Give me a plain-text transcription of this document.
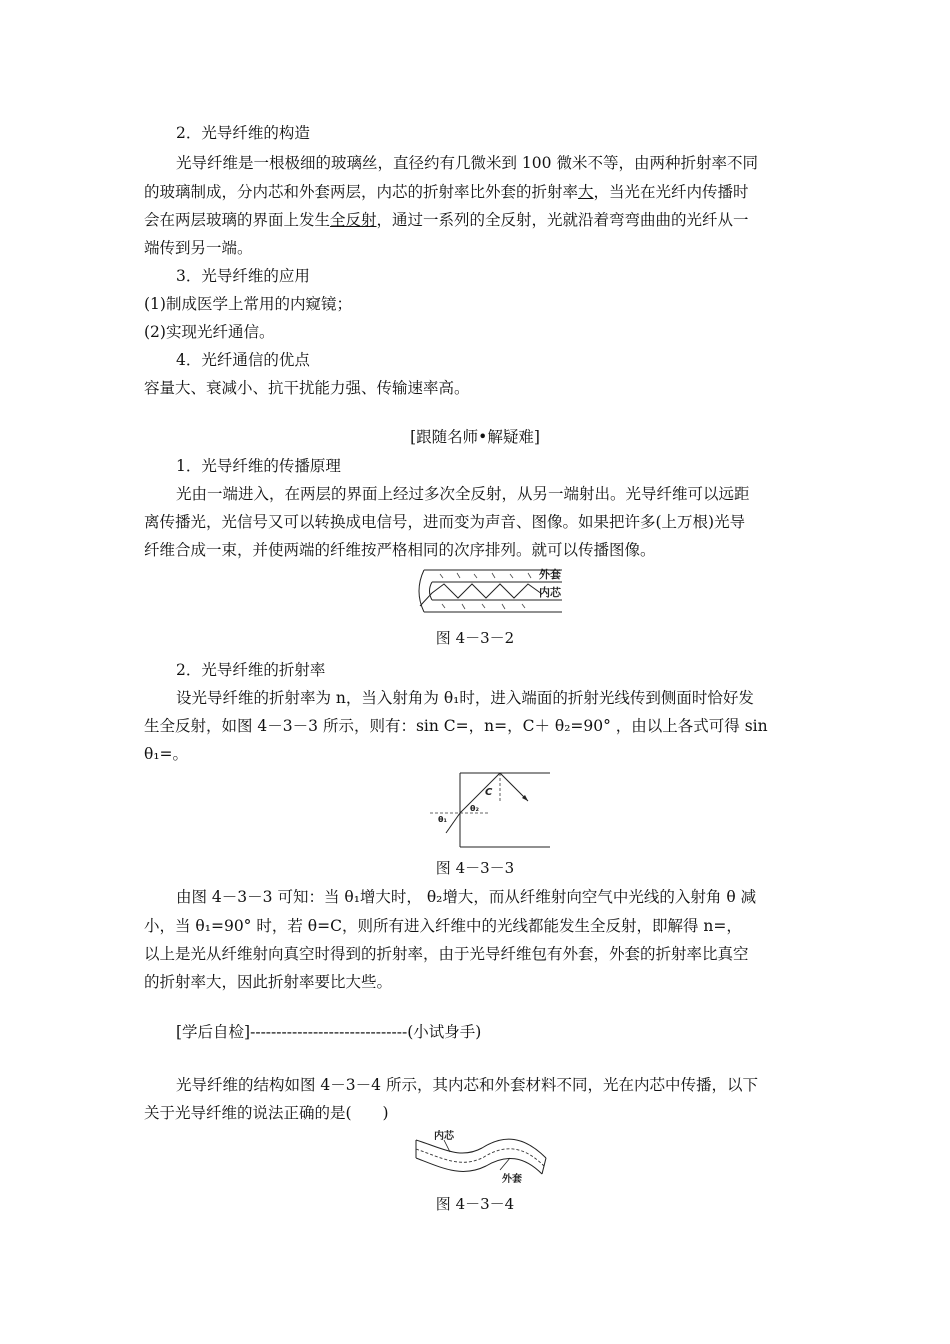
2．光导纤维的构造
光导纤维是一根极细的玻璃丝，直径约有几微米到 100 微米不等，由两种折射率不同
的玻璃制成，分内芯和外套两层，内芯的折射率比外套的折射率大，当光在光纤内传播时
会在两层玻璃的界面上发生全反射，通过一系列的全反射，光就沿着弯弯曲曲的光纤从一
端传到另一端。
3．光导纤维的应用
(1)制成医学上常用的内窥镜；
(2)实现光纤通信。
4．光纤通信的优点
容量大、衰减小、抗干扰能力强、传输速率高。
[跟随名师•解疑难]
1．光导纤维的传播原理
光由一端进入，在两层的界面上经过多次全反射，从另一端射出。光导纤维可以远距
离传播光，光信号又可以转换成电信号，进而变为声音、图像。如果把许多(上万根)光导
纤维合成一束，并使两端的纤维按严格相同的次序排列。就可以传播图像。
外套
内芯
图 4－3－2
2．光导纤维的折射率
设光导纤维的折射率为 n，当入射角为 θ₁时，进入端面的折射光线传到侧面时恰好发
生全反射，如图 4－3－3 所示，则有：sin C=，n=，C＋ θ₂=90° ，由以上各式可得 sin
θ₁=。
C
θ₂
θ₁
图 4－3－3
由图 4－3－3 可知：当 θ₁增大时， θ₂增大，而从纤维射向空气中光线的入射角 θ 减
小，当 θ₁=90° 时，若 θ=C，则所有进入纤维中的光线都能发生全反射，即解得 n=，
以上是光从纤维射向真空时得到的折射率，由于光导纤维包有外套，外套的折射率比真空
的折射率大，因此折射率要比大些。
[学后自检]------------------------------(小试身手)
光导纤维的结构如图 4－3－4 所示，其内芯和外套材料不同，光在内芯中传播，以下
关于光导纤维的说法正确的是(　　)
内芯
外套
图 4－3－4
